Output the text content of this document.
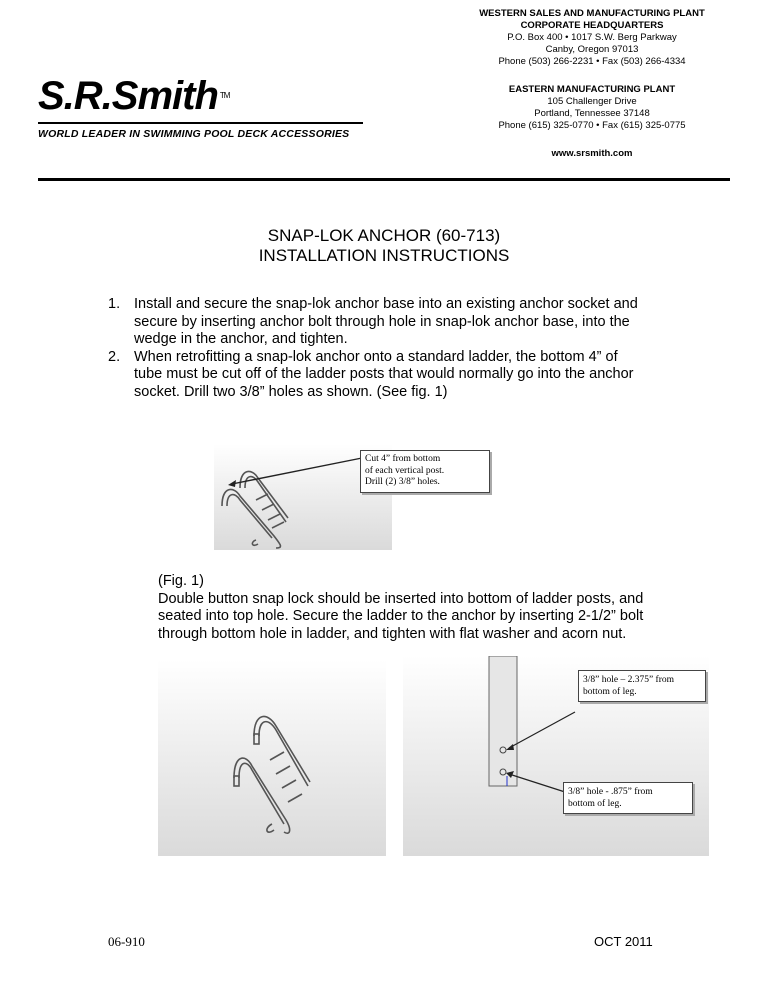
S.R.Smith TM
WORLD LEADER IN SWIMMING POOL DECK ACCESSORIES
WESTERN SALES AND MANUFACTURING PLANT
CORPORATE HEADQUARTERS
P.O. Box 400 • 1017 S.W. Berg Parkway
Canby, Oregon 97013
Phone (503) 266-2231 • Fax (503) 266-4334
EASTERN MANUFACTURING PLANT
105 Challenger Drive
Portland, Tennessee 37148
Phone (615) 325-0770 • Fax (615) 325-0775
www.srsmith.com
SNAP-LOK ANCHOR (60-713)
INSTALLATION INSTRUCTIONS
1. Install and secure the snap-lok anchor base into an existing anchor socket and secure by inserting anchor bolt through hole in snap-lok anchor base, into the wedge in the anchor, and tighten.
2. When retrofitting a snap-lok anchor onto a standard ladder, the bottom 4” of tube must be cut off of the ladder posts that would normally go into the anchor socket. Drill two 3/8” holes as shown. (See fig. 1)
Cut 4” from bottom
of each vertical post.
Drill (2) 3/8” holes.
(Fig. 1)
Double button snap lock should be inserted into bottom of ladder posts, and seated into top hole. Secure the ladder to the anchor by inserting 2-1/2” bolt through bottom hole in ladder, and tighten with flat washer and acorn nut.
3/8” hole – 2.375” from
bottom of leg.
3/8” hole - .875” from
bottom of leg.
06-910	OCT 2011
